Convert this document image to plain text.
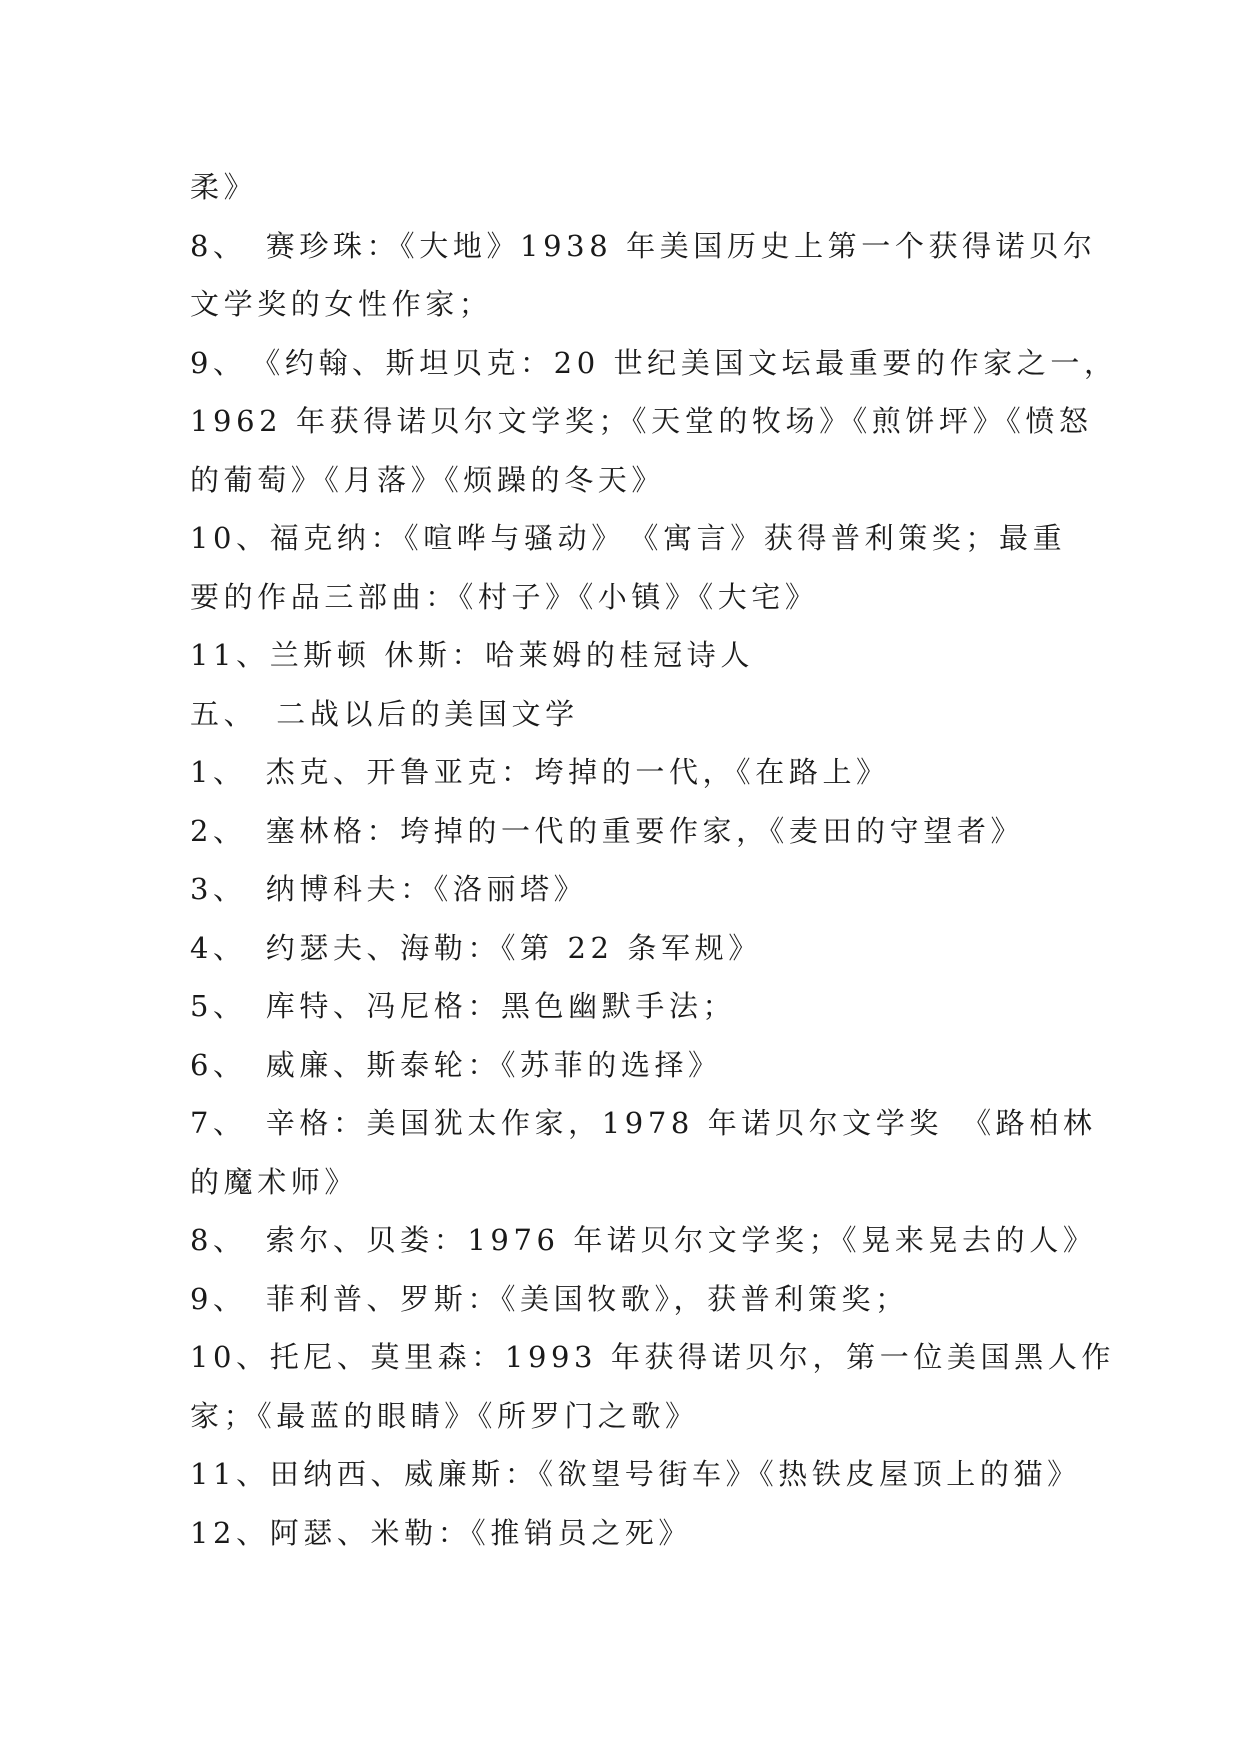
柔》
8、　赛珍珠：《大地》1938 年美国历史上第一个获得诺贝尔
文学奖的女性作家；
9、　《约翰、斯坦贝克：20 世纪美国文坛最重要的作家之一，
1962 年获得诺贝尔文学奖；《天堂的牧场》《煎饼坪》《愤怒
的葡萄》《月落》《烦躁的冬天》
10、福克纳：《喧哗与骚动》　《寓言》获得普利策奖；最重
要的作品三部曲：《村子》《小镇》《大宅》
11、兰斯顿 休斯：哈莱姆的桂冠诗人
五、　二战以后的美国文学
1、　杰克、开鲁亚克：垮掉的一代，《在路上》
2、　塞林格：垮掉的一代的重要作家，《麦田的守望者》
3、　纳博科夫：《洛丽塔》
4、　约瑟夫、海勒：《第 22 条军规》
5、　库特、冯尼格：黑色幽默手法；
6、　威廉、斯泰轮：《苏菲的选择》
7、　辛格：美国犹太作家，1978 年诺贝尔文学奖　《路柏林
的魔术师》
8、　索尔、贝娄：1976 年诺贝尔文学奖；《晃来晃去的人》
9、　菲利普、罗斯：《美国牧歌》，获普利策奖；
10、托尼、莫里森：1993 年获得诺贝尔，第一位美国黑人作
家；《最蓝的眼睛》《所罗门之歌》
11、田纳西、威廉斯：《欲望号街车》《热铁皮屋顶上的猫》
12、阿瑟、米勒：《推销员之死》
